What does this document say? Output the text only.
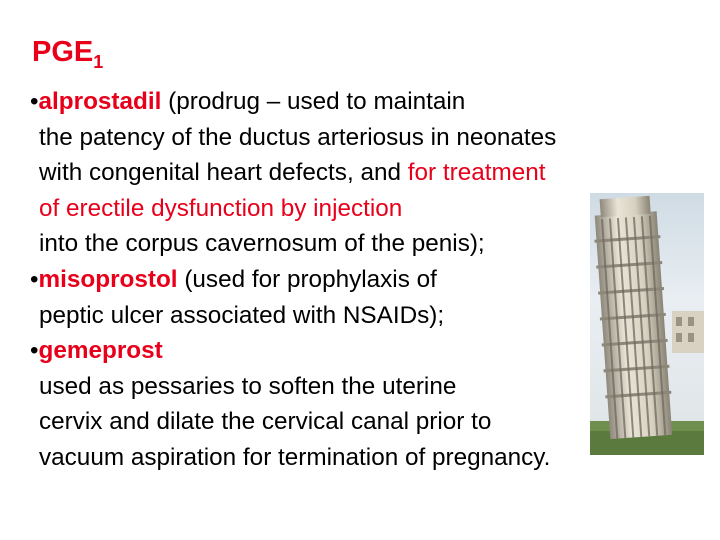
$PGE_1$
•alprostadil (prodrug – used to maintain
the patency of the ductus arteriosus in neonates
with congenital heart defects, and for treatment
of erectile dysfunction by injection
into the corpus cavernosum of the penis);
•misoprostol (used for prophylaxis of
peptic ulcer associated with NSAIDs);
•gemeprost
used as pessaries to soften the uterine
cervix and dilate the cervical canal prior to
vacuum aspiration for termination of pregnancy.
